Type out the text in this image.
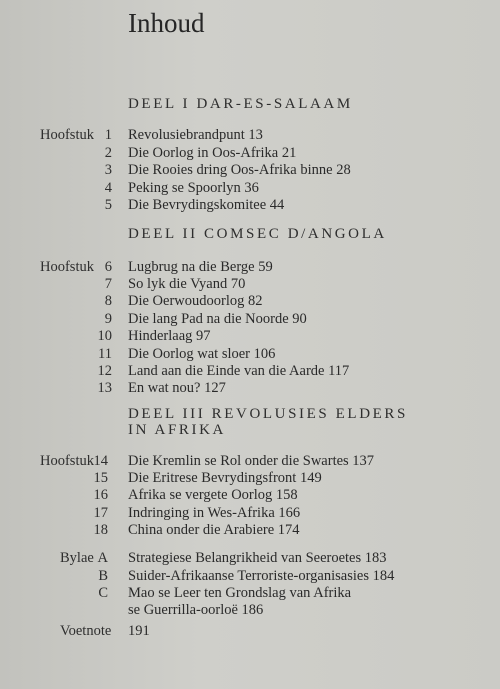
Inhoud
DEEL I DAR-ES-SALAAM
Hoofstuk 1 Revolusiebrandpunt 13
2 Die Oorlog in Oos-Afrika 21
3 Die Rooies dring Oos-Afrika binne 28
4 Peking se Spoorlyn 36
5 Die Bevrydingskomitee 44
DEEL II COMSEC D/ANGOLA
Hoofstuk 6 Lugbrug na die Berge 59
7 So lyk die Vyand 70
8 Die Oerwoudoorlog 82
9 Die lang Pad na die Noorde 90
10 Hinderlaag 97
11 Die Oorlog wat sloer 106
12 Land aan die Einde van die Aarde 117
13 En wat nou? 127
DEEL III REVOLUSIES ELDERS
IN AFRIKA
Hoofstuk 14 Die Kremlin se Rol onder die Swartes 137
15 Die Eritrese Bevrydingsfront 149
16 Afrika se vergete Oorlog 158
17 Indringing in Wes-Afrika 166
18 China onder die Arabiere 174
Bylae A Strategiese Belangrikheid van Seeroetes 183
B Suider-Afrikaanse Terroriste-organisasies 184
C Mao se Leer ten Grondslag van Afrika
se Guerrilla-oorloë 186
Voetnote 191
